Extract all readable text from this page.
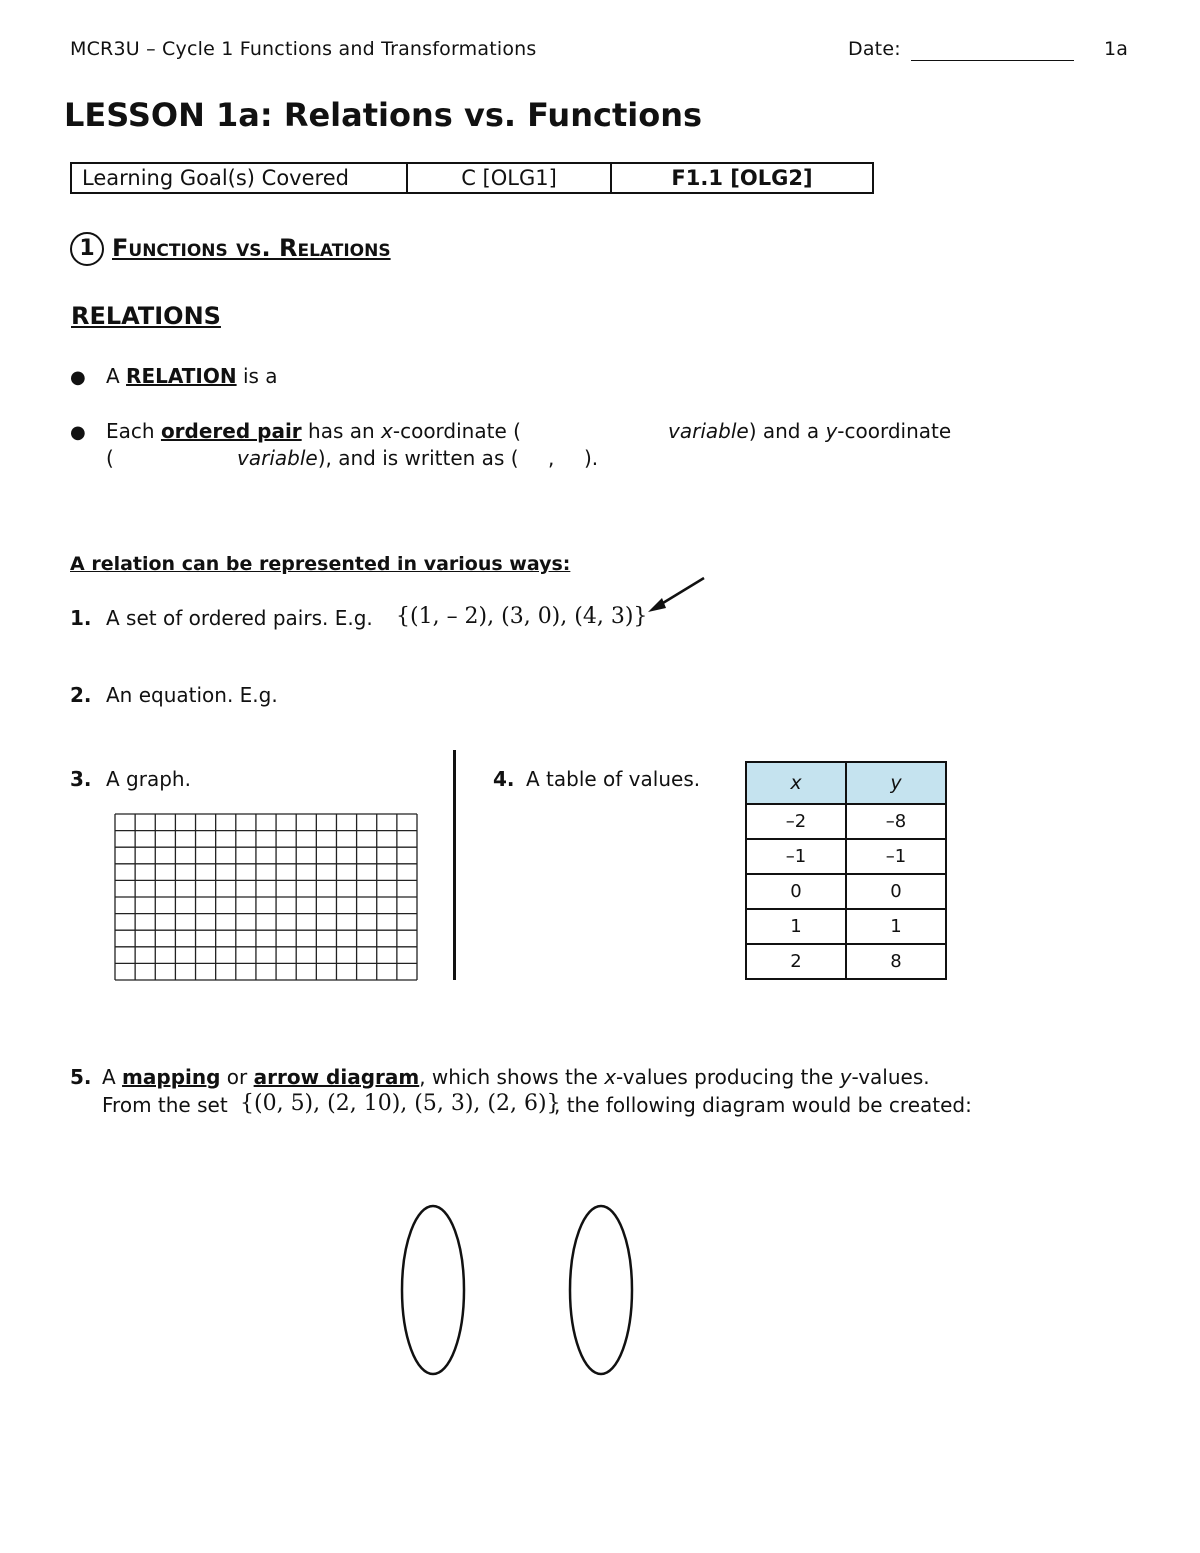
MCR3U – Cycle 1 Functions and Transformations	Date:	1a
LESSON 1a: Relations vs. Functions
Learning Goal(s) Covered	C [OLG1]	F1.1 [OLG2]
1 Functions vs. Relations
RELATIONS
● A RELATION is a
● Each ordered pair has an x-coordinate (	variable) and a y-coordinate
(	variable), and is written as ( , ).
A relation can be represented in various ways:
1. A set of ordered pairs. E.g. {(1, – 2), (3, 0), (4, 3)}
2. An equation. E.g.
3. A graph.	4. A table of values.	x	y
–2	–8
–1	–1
0	0
1	1
2	8
5. A mapping or arrow diagram, which shows the x-values producing the y-values.
From the set {(0, 5), (2, 10), (5, 3), (2, 6)}
, the following diagram would be created:
